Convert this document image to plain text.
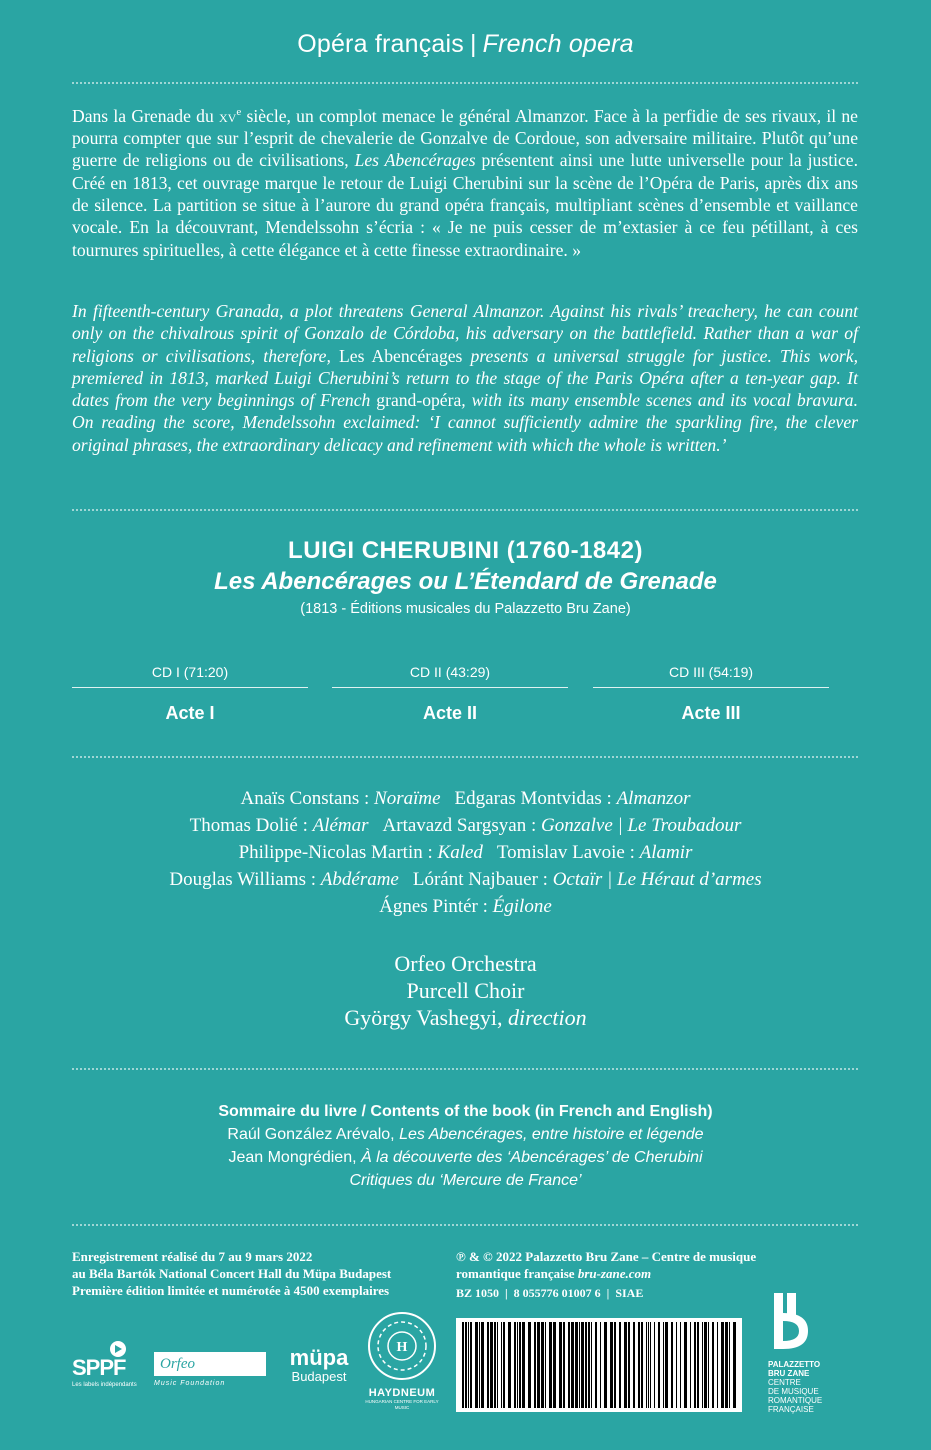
Opéra français | French opera
Dans la Grenade du $xv^e$ siècle, un complot menace le général Almanzor. Face à la perfidie de ses rivaux, il ne pourra compter que sur l’esprit de chevalerie de Gonzalve de Cordoue, son adversaire militaire. Plutôt qu’une guerre de religions ou de civilisations, Les Abencérages présentent ainsi une lutte universelle pour la justice. Créé en 1813, cet ouvrage marque le retour de Luigi Cherubini sur la scène de l’Opéra de Paris, après dix ans de silence. La partition se situe à l’aurore du grand opéra français, multipliant scènes d’ensemble et vaillance vocale. En la découvrant, Mendelssohn s’écria : « Je ne puis cesser de m’extasier à ce feu pétillant, à ces tournures spirituelles, à cette élégance et à cette finesse extraordinaire. »
In fifteenth-century Granada, a plot threatens General Almanzor. Against his rivals’ treachery, he can count only on the chivalrous spirit of Gonzalo de Córdoba, his adversary on the battlefield. Rather than a war of religions or civilisations, therefore, Les Abencérages presents a universal struggle for justice. This work, premiered in 1813, marked Luigi Cherubini’s return to the stage of the Paris Opéra after a ten-year gap. It dates from the very beginnings of French grand-opéra, with its many ensemble scenes and its vocal bravura. On reading the score, Mendelssohn exclaimed: ‘I cannot sufficiently admire the sparkling fire, the clever original phrases, the extraordinary delicacy and refinement with which the whole is written.’
LUIGI CHERUBINI (1760-1842)
Les Abencérages ou L’Étendard de Grenade
(1813 - Éditions musicales du Palazzetto Bru Zane)
CD I (71:20)
Acte I
CD II (43:29)
Acte II
CD III (54:19)
Acte III
Anaïs Constans : Noraïme Edgaras Montvidas : Almanzor
Thomas Dolié : Alémar Artavazd Sargsyan : Gonzalve | Le Troubadour
Philippe-Nicolas Martin : Kaled Tomislav Lavoie : Alamir
Douglas Williams : Abdérame Lóránt Najbauer : Octaïr | Le Héraut d’armes
Ágnes Pintér : Égilone
Orfeo Orchestra
Purcell Choir
György Vashegyi, direction
Sommaire du livre / Contents of the book (in French and English)
Raúl González Arévalo, Les Abencérages, entre histoire et légende
Jean Mongrédien, À la découverte des ‘Abencérages’ de Cherubini
Critiques du ‘Mercure de France’
Enregistrement réalisé du 7 au 9 mars 2022
au Béla Bartók National Concert Hall du Müpa Budapest
Première édition limitée et numérotée à 4500 exemplaires
℗ & © 2022 Palazzetto Bru Zane – Centre de musique
romantique française bru-zane.com
BZ 1050  |  8 055776 01007 6  |  SIAE
SPPF
Les labels indépendants
Orfeo
Music Foundation
müpa
Budapest
H
HAYDNEUM
HUNGARIAN CENTRE FOR EARLY MUSIC
PALAZZETTO BRU ZANE
CENTRE
DE MUSIQUE
ROMANTIQUE
FRANÇAISE
